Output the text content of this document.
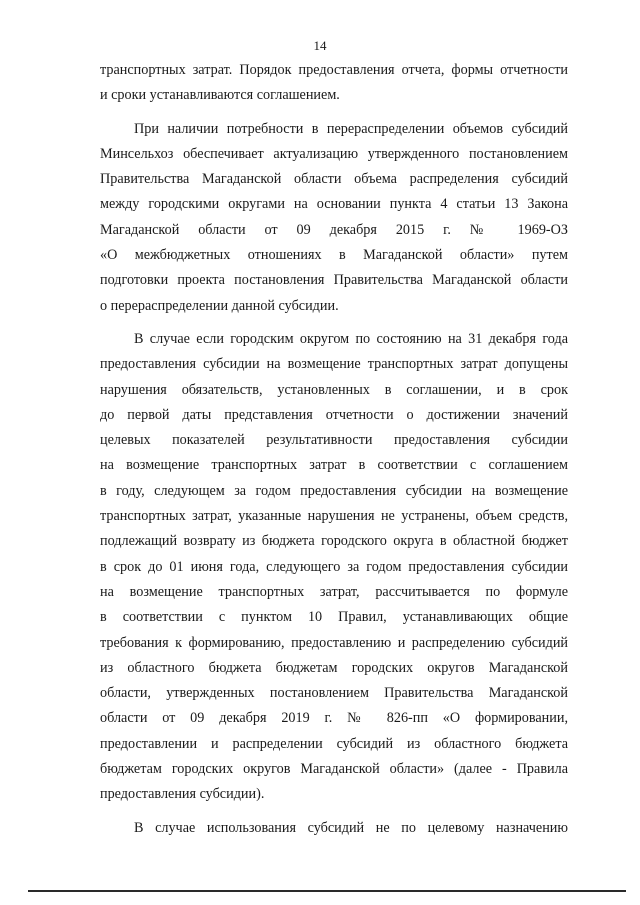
14
транспортных затрат. Порядок предоставления отчета, формы отчетности
и сроки устанавливаются соглашением.
При наличии потребности в перераспределении объемов субсидий
Минсельхоз обеспечивает актуализацию утвержденного постановлением
Правительства Магаданской области объема распределения субсидий
между городскими округами на основании пункта 4 статьи 13 Закона
Магаданской области от 09 декабря 2015 г. № 1969-ОЗ
«О межбюджетных отношениях в Магаданской области» путем
подготовки проекта постановления Правительства Магаданской области
о перераспределении данной субсидии.
В случае если городским округом по состоянию на 31 декабря года
предоставления субсидии на возмещение транспортных затрат допущены
нарушения обязательств, установленных в соглашении, и в срок
до первой даты представления отчетности о достижении значений
целевых показателей результативности предоставления субсидии
на возмещение транспортных затрат в соответствии с соглашением
в году, следующем за годом предоставления субсидии на возмещение
транспортных затрат, указанные нарушения не устранены, объем средств,
подлежащий возврату из бюджета городского округа в областной бюджет
в срок до 01 июня года, следующего за годом предоставления субсидии
на возмещение транспортных затрат, рассчитывается по формуле
в соответствии с пунктом 10 Правил, устанавливающих общие
требования к формированию, предоставлению и распределению субсидий
из областного бюджета бюджетам городских округов Магаданской
области, утвержденных постановлением Правительства Магаданской
области от 09 декабря 2019 г. № 826-пп «О формировании,
предоставлении и распределении субсидий из областного бюджета
бюджетам городских округов Магаданской области» (далее - Правила
предоставления субсидии).
В случае использования субсидий не по целевому назначению
